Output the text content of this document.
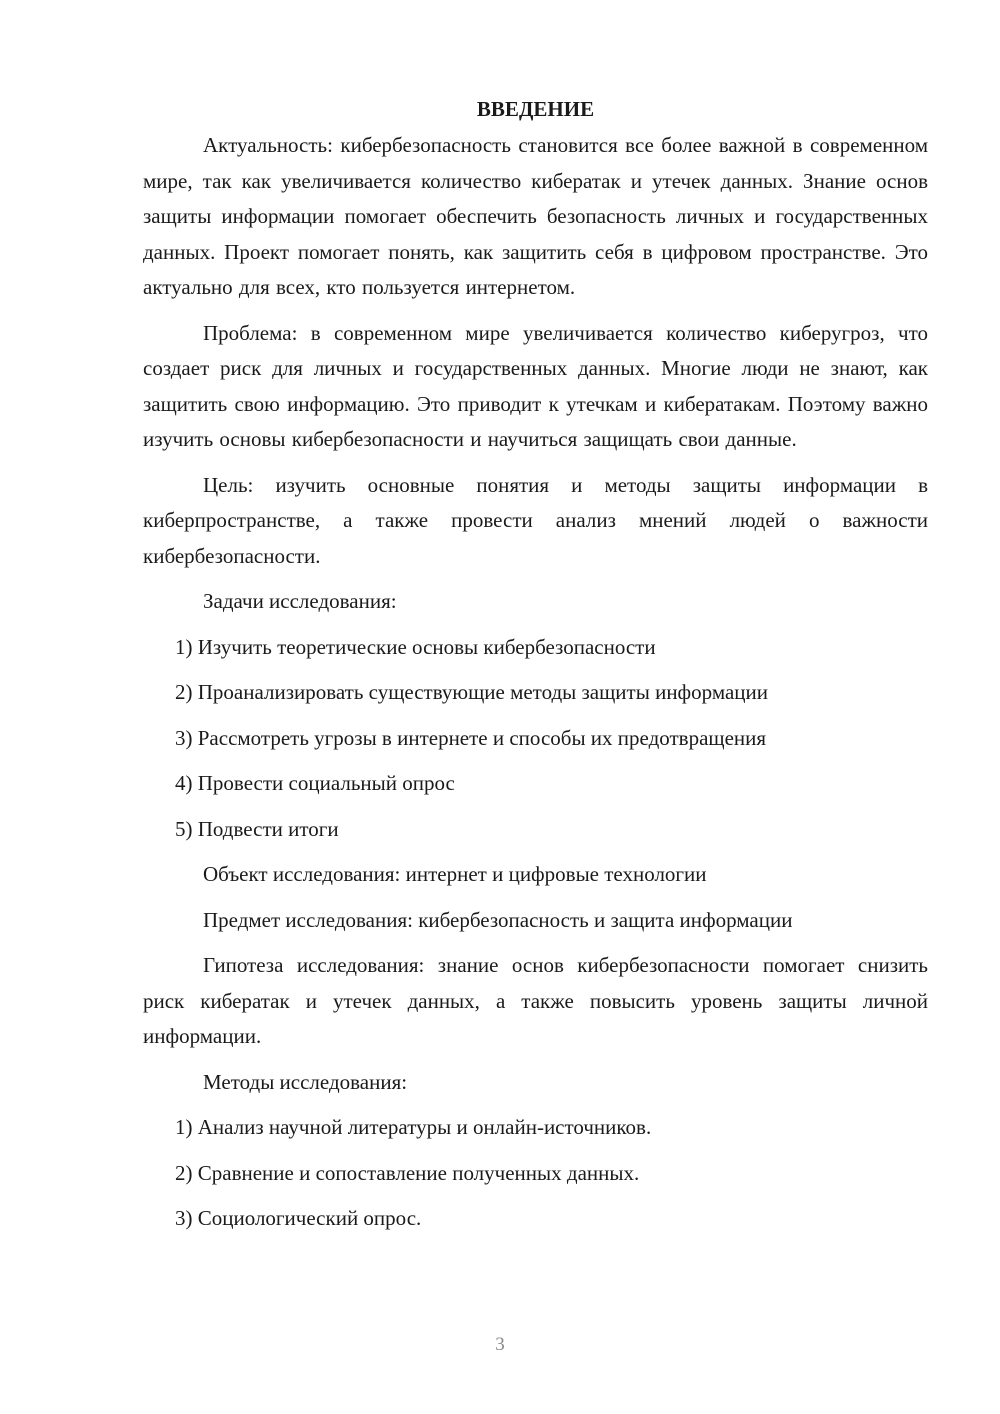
ВВЕДЕНИЕ

Актуальность: кибербезопасность становится все более важной в современном мире, так как увеличивается количество кибератак и утечек данных. Знание основ защиты информации помогает обеспечить безопасность личных и государственных данных. Проект помогает понять, как защитить себя в цифровом пространстве. Это актуально для всех, кто пользуется интернетом.

Проблема: в современном мире увеличивается количество киберугроз, что создает риск для личных и государственных данных. Многие люди не знают, как защитить свою информацию. Это приводит к утечкам и кибератакам. Поэтому важно изучить основы кибербезопасности и научиться защищать свои данные.

Цель: изучить основные понятия и методы защиты информации в киберпространстве, а также провести анализ мнений людей о важности кибербезопасности.

Задачи исследования:

1) Изучить теоретические основы кибербезопасности

2) Проанализировать существующие методы защиты информации

3) Рассмотреть угрозы в интернете и способы их предотвращения

4) Провести социальный опрос

5) Подвести итоги

Объект исследования: интернет и цифровые технологии

Предмет исследования: кибербезопасность и защита информации

Гипотеза исследования: знание основ кибербезопасности помогает снизить риск кибератак и утечек данных, а также повысить уровень защиты личной информации.

Методы исследования:

1) Анализ научной литературы и онлайн-источников.

2) Сравнение и сопоставление полученных данных.

3) Социологический опрос.

3
